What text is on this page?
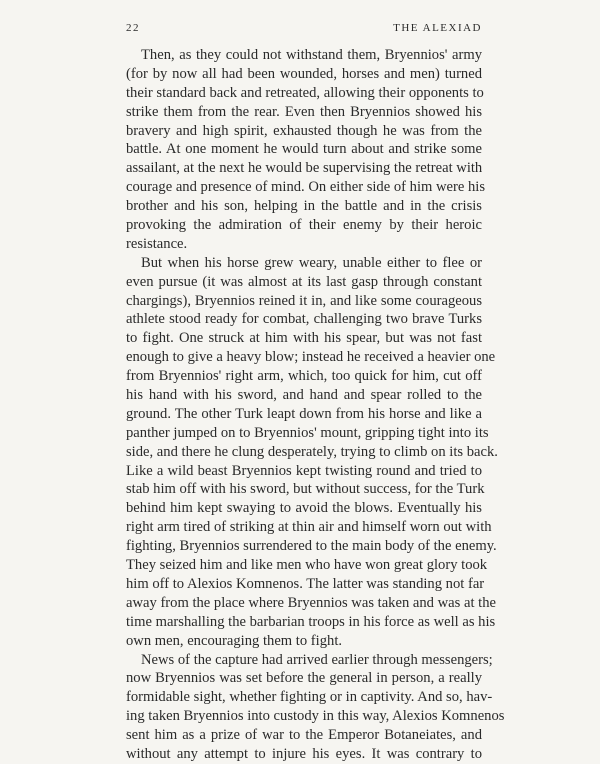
22	THE ALEXIAD
Then, as they could not withstand them, Bryennios' army
(for by now all had been wounded, horses and men) turned
their standard back and retreated, allowing their opponents to
strike them from the rear. Even then Bryennios showed his
bravery and high spirit, exhausted though he was from the
battle. At one moment he would turn about and strike some
assailant, at the next he would be supervising the retreat with
courage and presence of mind. On either side of him were his
brother and his son, helping in the battle and in the crisis
provoking the admiration of their enemy by their heroic
resistance.
But when his horse grew weary, unable either to flee or
even pursue (it was almost at its last gasp through constant
chargings), Bryennios reined it in, and like some courageous
athlete stood ready for combat, challenging two brave Turks
to fight. One struck at him with his spear, but was not fast
enough to give a heavy blow; instead he received a heavier one
from Bryennios' right arm, which, too quick for him, cut off
his hand with his sword, and hand and spear rolled to the
ground. The other Turk leapt down from his horse and like a
panther jumped on to Bryennios' mount, gripping tight into its
side, and there he clung desperately, trying to climb on its back.
Like a wild beast Bryennios kept twisting round and tried to
stab him off with his sword, but without success, for the Turk
behind him kept swaying to avoid the blows. Eventually his
right arm tired of striking at thin air and himself worn out with
fighting, Bryennios surrendered to the main body of the enemy.
They seized him and like men who have won great glory took
him off to Alexios Komnenos. The latter was standing not far
away from the place where Bryennios was taken and was at the
time marshalling the barbarian troops in his force as well as his
own men, encouraging them to fight.
News of the capture had arrived earlier through messengers;
now Bryennios was set before the general in person, a really
formidable sight, whether fighting or in captivity. And so, hav-
ing taken Bryennios into custody in this way, Alexios Komnenos
sent him as a prize of war to the Emperor Botaneiates, and
without any attempt to injure his eyes. It was contrary to
